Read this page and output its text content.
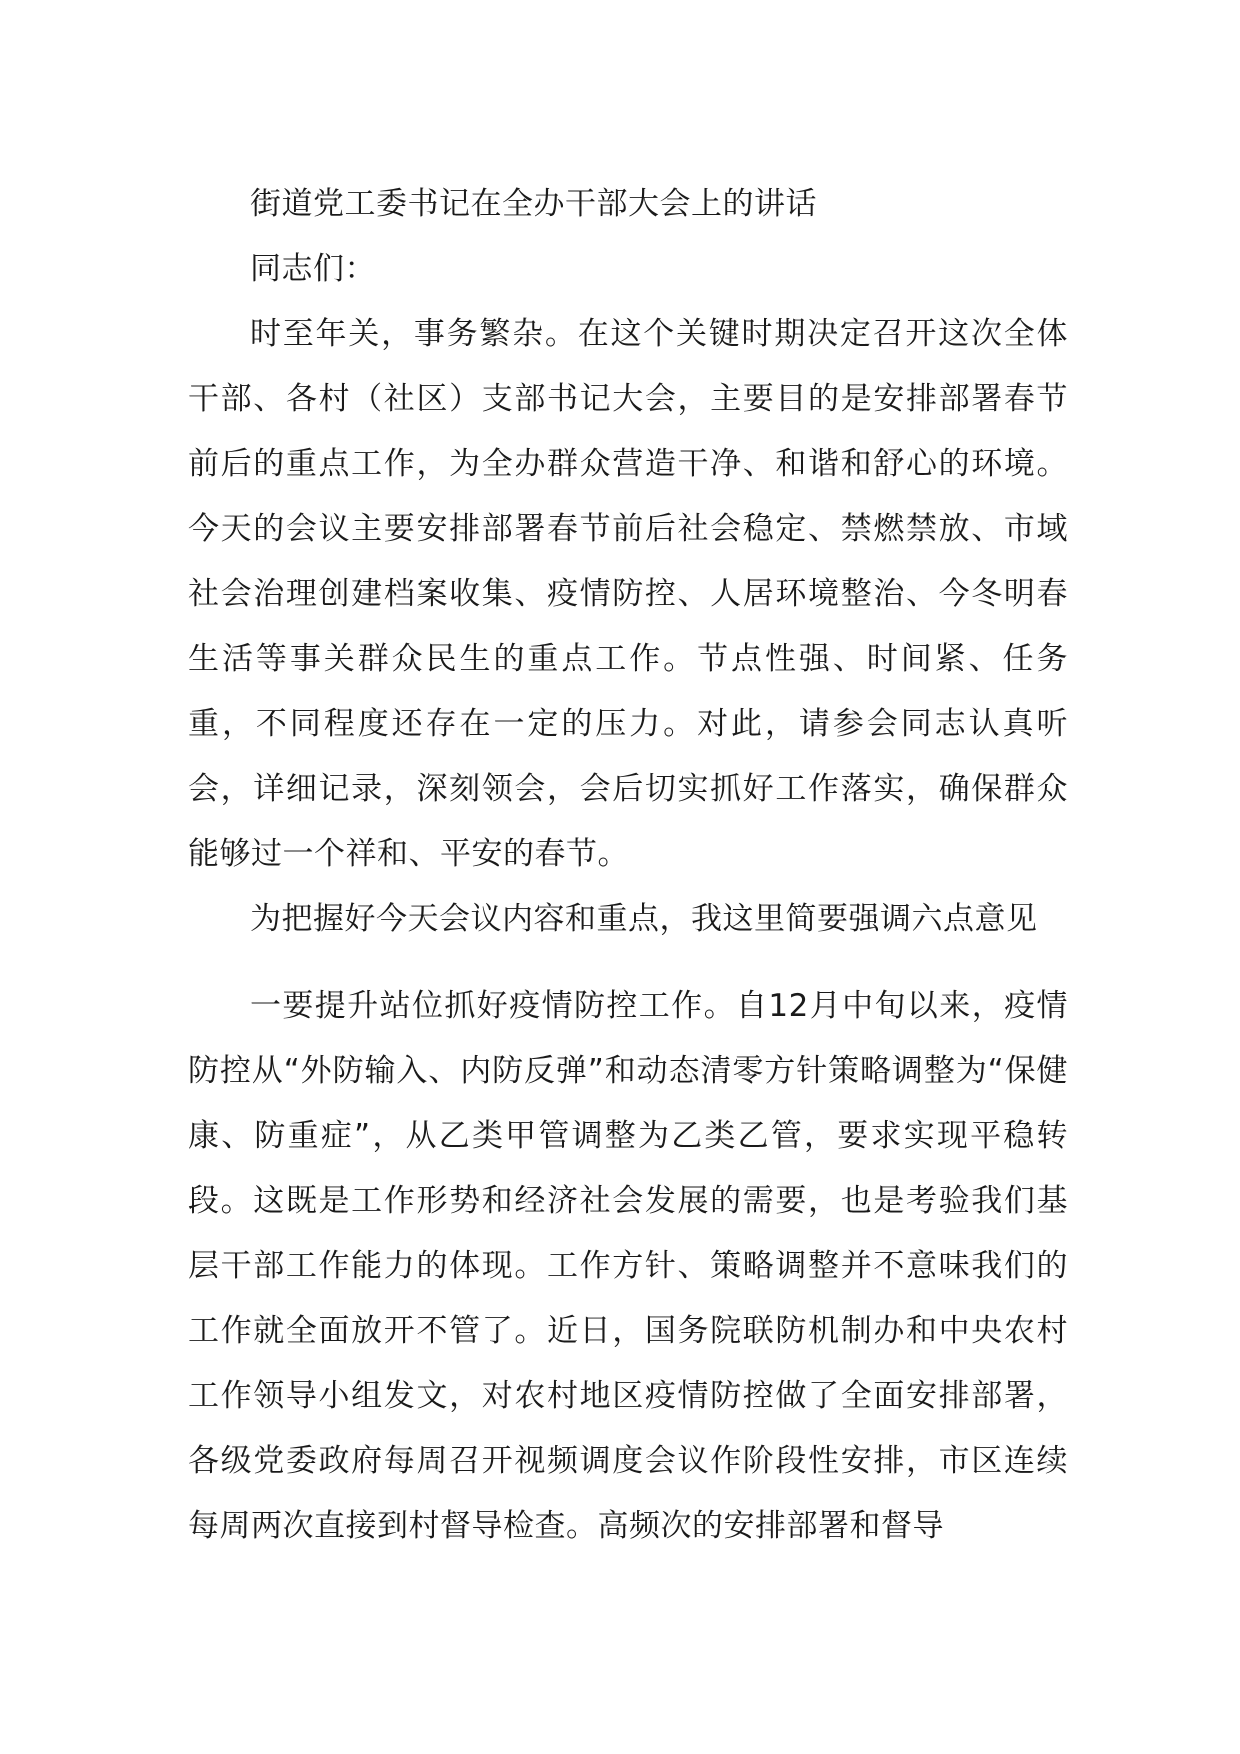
街道党工委书记在全办干部大会上的讲话

同志们：

时至年关，事务繁杂。在这个关键时期决定召开这次全体干部、各村（社区）支部书记大会，主要目的是安排部署春节前后的重点工作，为全办群众营造干净、和谐和舒心的环境。今天的会议主要安排部署春节前后社会稳定、禁燃禁放、市域社会治理创建档案收集、疫情防控、人居环境整治、今冬明春生活等事关群众民生的重点工作。节点性强、时间紧、任务重，不同程度还存在一定的压力。对此，请参会同志认真听会，详细记录，深刻领会，会后切实抓好工作落实，确保群众能够过一个祥和、平安的春节。

为把握好今天会议内容和重点，我这里简要强调六点意见

一要提升站位抓好疫情防控工作。自12月中旬以来，疫情防控从“外防输入、内防反弹”和动态清零方针策略调整为“保健康、防重症”，从乙类甲管调整为乙类乙管，要求实现平稳转段。这既是工作形势和经济社会发展的需要，也是考验我们基层干部工作能力的体现。工作方针、策略调整并不意味我们的工作就全面放开不管了。近日，国务院联防机制办和中央农村工作领导小组发文，对农村地区疫情防控做了全面安排部署，各级党委政府每周召开视频调度会议作阶段性安排，市区连续每周两次直接到村督导检查。高频次的安排部署和督导
